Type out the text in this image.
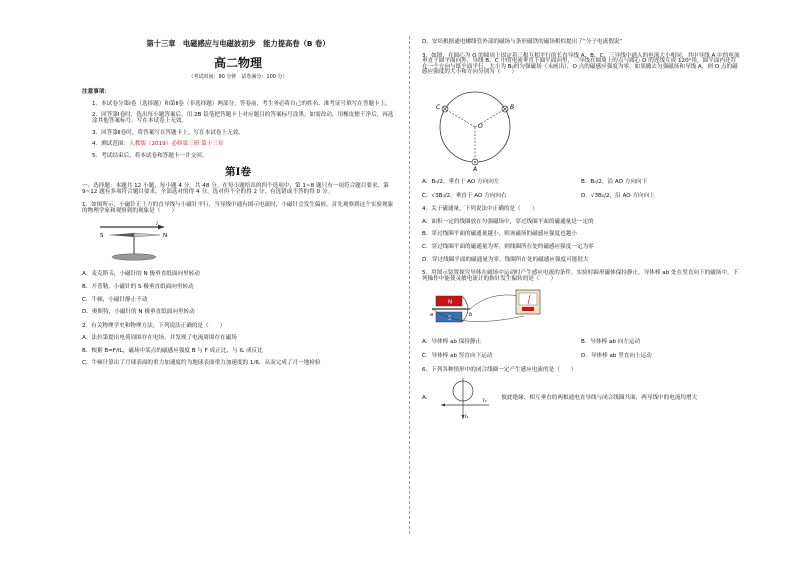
第十三章　电磁感应与电磁波初步　能力提高卷（B 卷）
高二物理
（考试时间：90 分钟　试卷满分：100 分）
注意事项：
1．本试卷分第Ⅰ卷（选择题）和第Ⅱ卷（非选择题）两部分。答卷前，考生务必将自己的姓名、准考证号填写在答题卡上。
2．回答第Ⅰ卷时，选出每小题答案后，用 2B 铅笔把答题卡上对应题目的答案标号涂黑。如需改动，用橡皮擦干净后，再选涂其他答案标号。写在本试卷上无效。
3．回答第Ⅱ卷时，将答案写在答题卡上。写在本试卷上无效。
4．测试范围：人教版（2019）必修第三册 第十三章
5．考试结束后，将本试卷和答题卡一并交回。
第Ⅰ卷
一、选择题：本题共 12 小题，每小题 4 分，共 48 分。在每小题给出的四个选项中，第 1~8 题只有一项符合题目要求，第 9~12 题有多项符合题目要求。全部选对的得 4 分，选对但不全的得 2 分，有选错或不答的得 0 分。
1．如图所示，小磁针正上方的直导线与小磁针平行，当导线中通有图示电流时，小磁针会发生偏转。首先观察到这个实验现象的物理学家和观察到的现象是（　　）
I
S	N
A．麦克斯韦，小磁针的 N 极垂直纸面向里转动
B．开普勒，小磁针的 S 极垂直纸面向里转动
C．牛顿，小磁针静止不动
D．奥斯特，小磁针的 N 极垂直纸面向里转动
2．有关物理学史和物理方法，下列说法正确的是（　　）
A．法拉第提出电荷周围存在电场，并发现了电流周围存在磁场
B．根据 B=F/IL，磁场中某点的磁感应强度 B 与 F 成正比，与 IL 成反比
C．牛顿计算出了月球表面的重力加速度约为地球表面重力加速度的 1/6，从而完成了月一地检验
D．安培根据通电螺线管外部的磁场与条形磁铁的磁场相似提出了“分子电流假说”
3．如图，在圆心为 O 的圆周上固定着三根互相平行的长直导线 A、B、C，三导线中通入的电流大小相同，其中导线 A 中的电流垂直于圆平面向外，导线 B、C 中的电流垂直于圆平面向里，三导线在圆周上的点与圆心 O 的连线互成 120°角，圆平面内还存在一个方向与纸平面平行、大小为 B₀的匀强磁场（未画出），O 点的磁感应强度为零，如果撤去匀强磁场和导线 A，则 O 点的磁感应强度的大小和方向分别为（　　）
C	B
A
O
A．B₀/2，垂直于 AO 方向向左	B．B₀/2，沿 AO 方向向下
C．√3B₀/2，垂直于 AO 方向向右	D．√3B₀/2，沿 AO 方向向上
4．关于磁通量，下列说法中正确的是（　　）
A．面积一定的线圈放在匀强磁场中，穿过线圈平面的磁通量是一定的
B．穿过线圈平面的磁通量越小，则该磁场的磁感应强度也越小
C．穿过线圈平面的磁通量为零，则线圈所在处的磁感应强度一定为零
D．穿过线圈平面的磁通量为零，线圈所在处的磁感应强度可能很大
5．用图示装置探究导体在磁场中运动时产生感应电流的条件，实验时蹄形磁体保持静止，导体棒 ab 处在竖直向下的磁场中。下列操作中能使灵敏电流计的指针发生偏转的是（　　）
N
S
a	b
A．导体棒 ab 保持静止	B．导体棒 ab 向左运动
C．导体棒 ab 竖直向下运动	D．导体棒 ab 竖直向上运动
6．下列各种情形中的闭合线圈一定产生感应电流的是（　　）
A．
I₁
I₂	彼此绝缘、相互垂直的两根通电直导线与闭合线圈共面，两导线中的电流均增大
